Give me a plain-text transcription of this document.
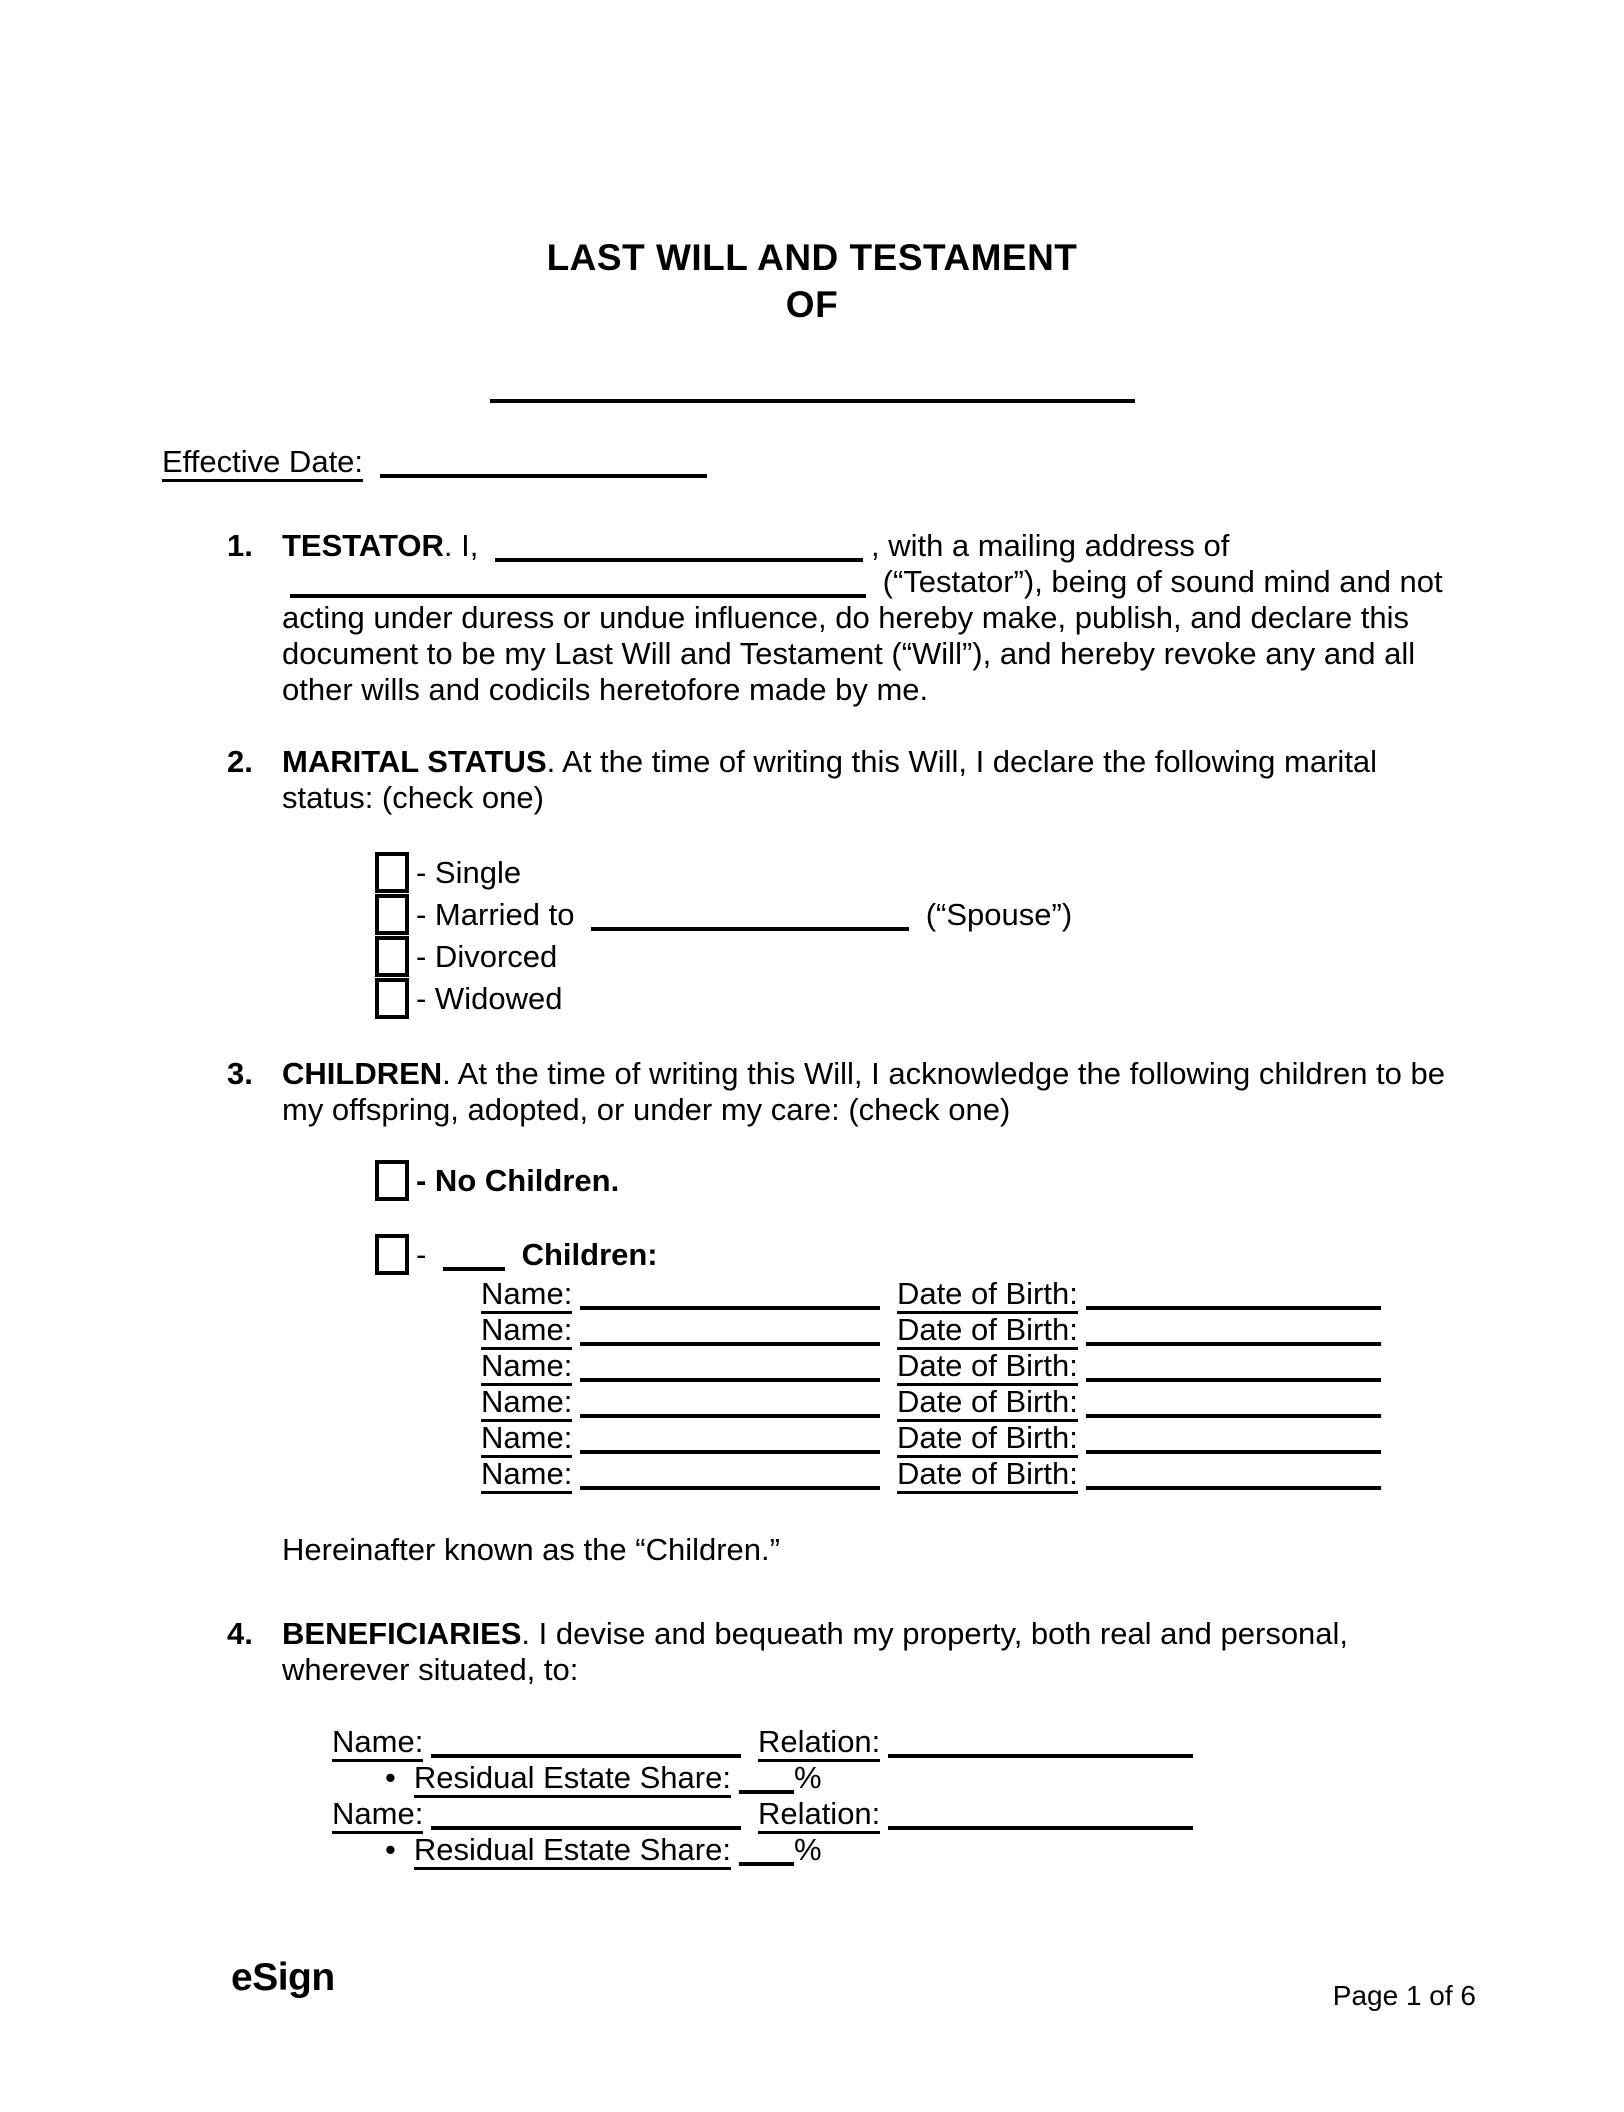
LAST WILL AND TESTAMENT
OF
Effective Date:
1. TESTATOR. I,	, with a mailing address of  (“Testator”), being of sound mind and not acting under duress or undue influence, do hereby make, publish, and declare this document to be my Last Will and Testament (“Will”), and hereby revoke any and all other wills and codicils heretofore made by me.
2. MARITAL STATUS. At the time of writing this Will, I declare the following marital status: (check one)
- Single
- Married to	(“Spouse”)
- Divorced
- Widowed
3. CHILDREN. At the time of writing this Will, I acknowledge the following children to be my offspring, adopted, or under my care: (check one)
- No Children.
-	Children:
Name:	Date of Birth:
Name:	Date of Birth:
Name:	Date of Birth:
Name:	Date of Birth:
Name:	Date of Birth:
Name:	Date of Birth:
Hereinafter known as the “Children.”
4. BENEFICIARIES. I devise and bequeath my property, both real and personal, wherever situated, to:
Name:	Relation:
• Residual Estate Share: %
Name:	Relation:
• Residual Estate Share: %
eSign	Page 1 of 6
